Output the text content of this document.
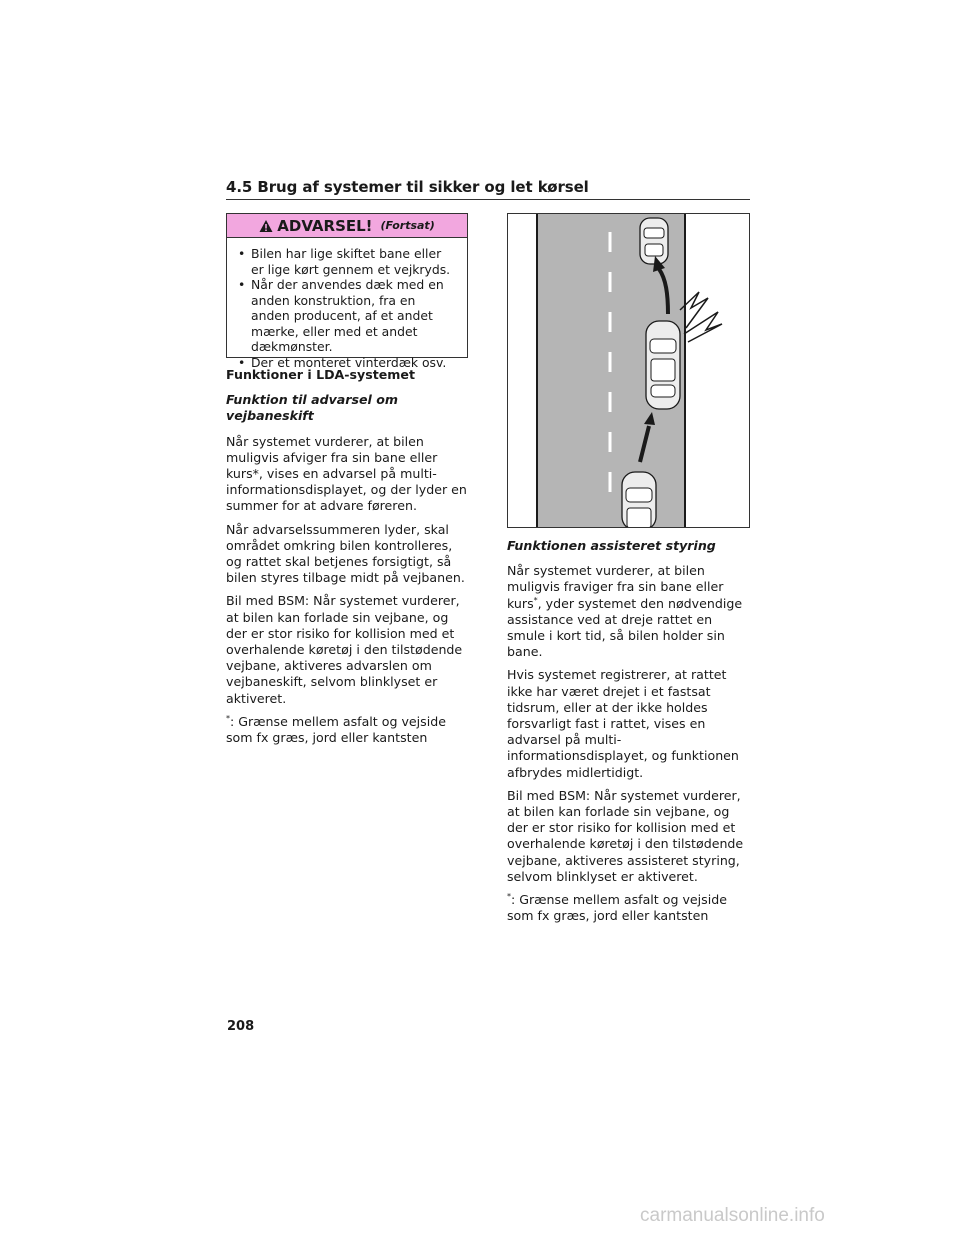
4.5 Brug af systemer til sikker og let kørsel
ADVARSEL! (Fortsat)
• Bilen har lige skiftet bane eller er lige kørt gennem et vejkryds.
• Når der anvendes dæk med en anden konstruktion, fra en anden producent, af et andet mærke, eller med et andet dækmønster.
• Der et monteret vinterdæk osv.

Funktioner i LDA-systemet

Funktion til advarsel om vejbaneskift

Når systemet vurderer, at bilen muligvis afviger fra sin bane eller kurs*, vises en advarsel på multi-informationsdisplayet, og der lyder en summer for at advare føreren.

Når advarselssummeren lyder, skal området omkring bilen kontrolleres, og rattet skal betjenes forsigtigt, så bilen styres tilbage midt på vejbanen.

Bil med BSM: Når systemet vurderer, at bilen kan forlade sin vejbane, og der er stor risiko for kollision med et overhalende køretøj i den tilstødende vejbane, aktiveres advarslen om vejbaneskift, selvom blinklyset er aktiveret.

*: Grænse mellem asfalt og vejside som fx græs, jord eller kantsten

Funktionen assisteret styring

Når systemet vurderer, at bilen muligvis fraviger fra sin bane eller kurs*, yder systemet den nødvendige assistance ved at dreje rattet en smule i kort tid, så bilen holder sin bane.

Hvis systemet registrerer, at rattet ikke har været drejet i et fastsat tidsrum, eller at der ikke holdes forsvarligt fast i rattet, vises en advarsel på multi-informationsdisplayet, og funktionen afbrydes midlertidigt.

Bil med BSM: Når systemet vurderer, at bilen kan forlade sin vejbane, og der er stor risiko for kollision med et overhalende køretøj i den tilstødende vejbane, aktiveres assisteret styring, selvom blinklyset er aktiveret.

*: Grænse mellem asfalt og vejside som fx græs, jord eller kantsten

208
carmanualsonline.info
